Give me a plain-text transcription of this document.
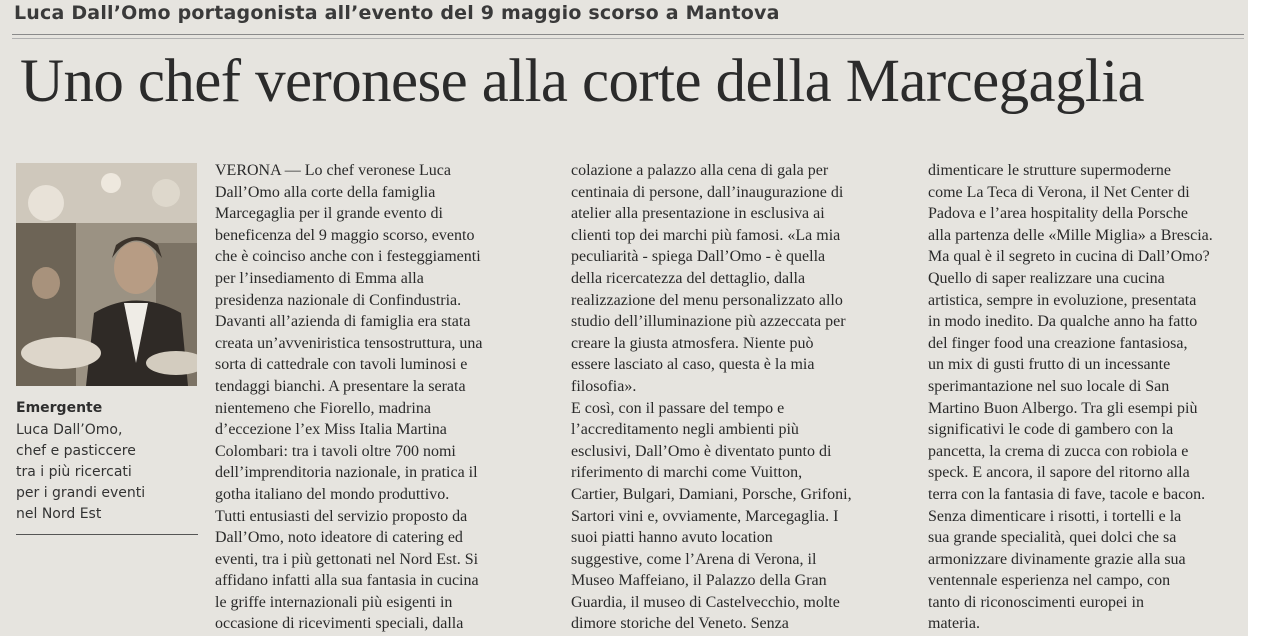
Luca Dall’Omo portagonista all’evento del 9 maggio scorso a Mantova
Uno chef veronese alla corte della Marcegaglia
Emergente
Luca Dall’Omo,
chef e pasticcere
tra i più ricercati
per i grandi eventi
nel Nord Est
VERONA — Lo chef veronese Luca
Dall’Omo alla corte della famiglia
Marcegaglia per il grande evento di
beneficenza del 9 maggio scorso, evento
che è coinciso anche con i festeggiamenti
per l’insediamento di Emma alla
presidenza nazionale di Confindustria.
Davanti all’azienda di famiglia era stata
creata un’avveniristica tensostruttura, una
sorta di cattedrale con tavoli luminosi e
tendaggi bianchi. A presentare la serata
nientemeno che Fiorello, madrina
d’eccezione l’ex Miss Italia Martina
Colombari: tra i tavoli oltre 700 nomi
dell’imprenditoria nazionale, in pratica il
gotha italiano del mondo produttivo.
Tutti entusiasti del servizio proposto da
Dall’Omo, noto ideatore di catering ed
eventi, tra i più gettonati nel Nord Est. Si
affidano infatti alla sua fantasia in cucina
le griffe internazionali più esigenti in
occasione di ricevimenti speciali, dalla
colazione a palazzo alla cena di gala per
centinaia di persone, dall’inaugurazione di
atelier alla presentazione in esclusiva ai
clienti top dei marchi più famosi. «La mia
peculiarità - spiega Dall’Omo - è quella
della ricercatezza del dettaglio, dalla
realizzazione del menu personalizzato allo
studio dell’illuminazione più azzeccata per
creare la giusta atmosfera. Niente può
essere lasciato al caso, questa è la mia
filosofia».
E così, con il passare del tempo e
l’accreditamento negli ambienti più
esclusivi, Dall’Omo è diventato punto di
riferimento di marchi come Vuitton,
Cartier, Bulgari, Damiani, Porsche, Grifoni,
Sartori vini e, ovviamente, Marcegaglia. I
suoi piatti hanno avuto location
suggestive, come l’Arena di Verona, il
Museo Maffeiano, il Palazzo della Gran
Guardia, il museo di Castelvecchio, molte
dimore storiche del Veneto. Senza
dimenticare le strutture supermoderne
come La Teca di Verona, il Net Center di
Padova e l’area hospitality della Porsche
alla partenza delle «Mille Miglia» a Brescia.
Ma qual è il segreto in cucina di Dall’Omo?
Quello di saper realizzare una cucina
artistica, sempre in evoluzione, presentata
in modo inedito. Da qualche anno ha fatto
del finger food una creazione fantasiosa,
un mix di gusti frutto di un incessante
sperimantazione nel suo locale di San
Martino Buon Albergo. Tra gli esempi più
significativi le code di gambero con la
pancetta, la crema di zucca con robiola e
speck. E ancora, il sapore del ritorno alla
terra con la fantasia di fave, tacole e bacon.
Senza dimenticare i risotti, i tortelli e la
sua grande specialità, quei dolci che sa
armonizzare divinamente grazie alla sua
ventennale esperienza nel campo, con
tanto di riconoscimenti europei in
materia.
